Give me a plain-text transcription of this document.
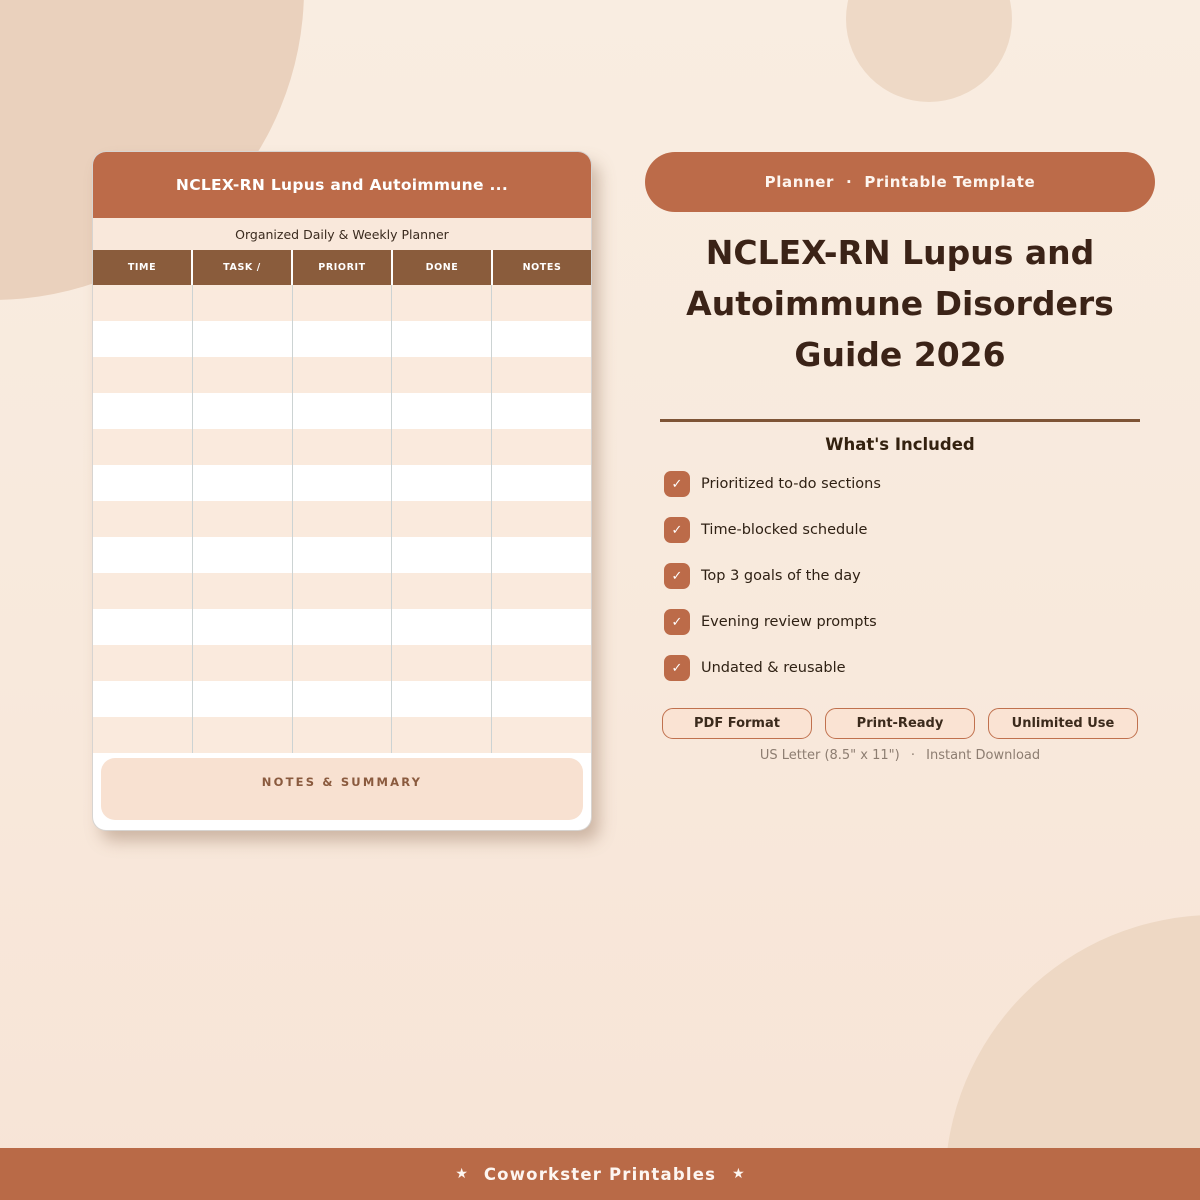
NCLEX-RN Lupus and Autoimmune ...
Organized Daily & Weekly Planner
TIME	TASK /	PRIORIT	DONE	NOTES
NOTES & SUMMARY
Planner · Printable Template
NCLEX-RN Lupus and Autoimmune Disorders Guide 2026
What's Included
✓	Prioritized to-do sections
✓	Time-blocked schedule
✓	Top 3 goals of the day
✓	Evening review prompts
✓	Undated & reusable
PDF Format	Print-Ready	Unlimited Use
US Letter (8.5" x 11") · Instant Download
★ Coworkster Printables ★
